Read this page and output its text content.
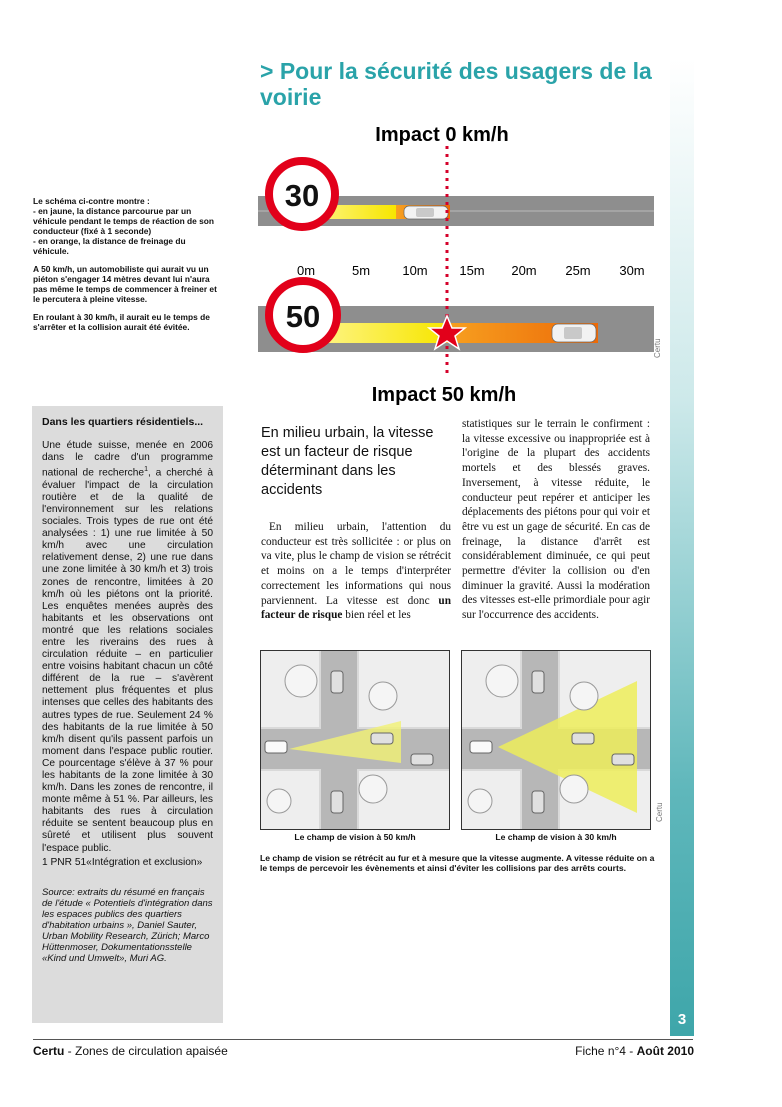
3
> Pour la sécurité des usagers de la voirie

Le schéma ci-contre montre :
- en jaune, la distance parcourue par un véhicule pendant le temps de réaction de son conducteur (fixé à 1 seconde)
- en orange, la distance de freinage du véhicule.

A 50 km/h, un automobiliste qui aurait vu un piéton s'engager 14 mètres devant lui n'aura pas même le temps de commencer à freiner et le percutera à pleine vitesse.

En roulant à 30 km/h, il aurait eu le temps de s'arrêter et la collision aurait été évitée.

30
0m	5m 10m 15m 20m 25m 30m
50
Impact 0 km/h
Impact 50 km/h
Certu
Dans les quartiers résidentiels...
Une étude suisse, menée en 2006 dans le cadre d'un programme national de recherche$^1$, a cherché à évaluer l'impact de la circulation routière et de la qualité de l'environnement sur les relations sociales. Trois types de rue ont été analysées : 1) une rue limitée à 50 km/h avec une circulation relativement dense, 2) une rue dans une zone limitée à 30 km/h et 3) trois zones de rencontre, limitées à 20 km/h où les piétons ont la priorité. Les enquêtes menées auprès des habitants et les observations ont montré que les relations sociales entre les riverains des rues à circulation réduite – en particulier entre voisins habitant chacun un côté différent de la rue – s'avèrent nettement plus fréquentes et plus intenses que celles des habitants des autres types de rue. Seulement 24 % des habitants de la rue limitée à 50 km/h disent qu'ils passent parfois un moment dans l'espace public routier. Ce pourcentage s'élève à 37 % pour les habitants de la zone limitée à 30 km/h. Dans les zones de rencontre, il monte même à 51 %. Par ailleurs, les habitants des rues à circulation réduite se sentent beaucoup plus en sûreté et utilisent plus souvent l'espace public.
1 PNR 51«Intégration et exclusion»
Source: extraits du résumé en français de l'étude « Potentiels d'intégration dans les espaces publics des quartiers d'habitation urbains », Daniel Sauter, Urban Mobility Research, Zürich; Marco Hüttenmoser, Dokumentationsstelle «Kind und Umwelt», Muri AG.
En milieu urbain, la vitesse est un facteur de risque déterminant dans les accidents
En milieu urbain, l'attention du conducteur est très sollicitée : or plus on va vite, plus le champ de vision se rétrécit et moins on a le temps d'interpréter correctement les informations qui nous parviennent. La vitesse est donc un facteur de risque bien réel et les
statistiques sur le terrain le confirment : la vitesse excessive ou inappropriée est à l'origine de la plupart des accidents mortels et des blessés graves. Inversement, à vitesse réduite, le conducteur peut repérer et anticiper les déplacements des piétons pour qui voir et être vu est un gage de sécurité. En cas de freinage, la distance d'arrêt est considérablement diminuée, ce qui peut permettre d'éviter la collision ou d'en diminuer la gravité. Aussi la modération des vitesses est-elle primordiale pour agir sur l'occurrence des accidents.
Certu
Le champ de vision à 50 km/h	Le champ de vision à 30 km/h
Le champ de vision se rétrécit au fur et à mesure que la vitesse augmente. A vitesse réduite on a le temps de percevoir les évènements et ainsi d'éviter les collisions par des arrêts courts.
Certu - Zones de circulation apaisée	Fiche n°4 - Août 2010
